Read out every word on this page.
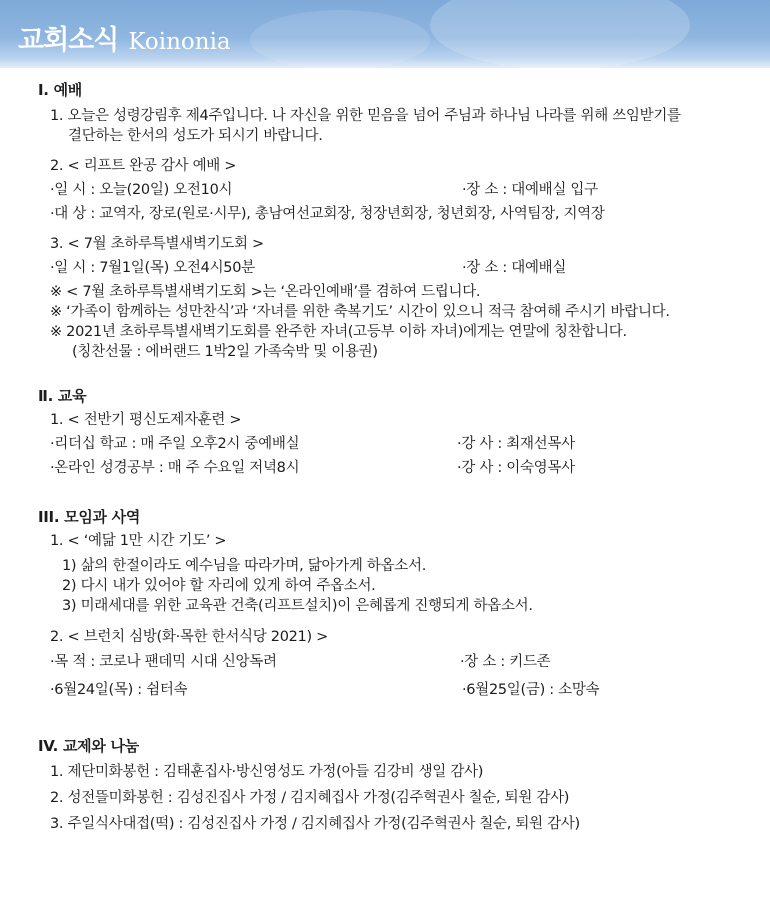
교회소식 Koinonia
Ⅰ. 예배
1. 오늘은 성령강림후 제4주입니다. 나 자신을 위한 믿음을 넘어 주님과 하나님 나라를 위해 쓰임받기를
결단하는 한서의 성도가 되시기 바랍니다.
2. < 리프트 완공 감사 예배 >
·일 시 : 오늘(20일) 오전10시	·장 소 : 대예배실 입구
·대 상 : 교역자, 장로(원로·시무), 총남여선교회장, 청장년회장, 청년회장, 사역팀장, 지역장
3. < 7월 초하루특별새벽기도회 >
·일 시 : 7월1일(목) 오전4시50분	·장 소 : 대예배실
※ < 7월 초하루특별새벽기도회 >는 ‘온라인예배’를 겸하여 드립니다.
※ ‘가족이 함께하는 성만찬식’과 ‘자녀를 위한 축복기도’ 시간이 있으니 적극 참여해 주시기 바랍니다.
※ 2021년 초하루특별새벽기도회를 완주한 자녀(고등부 이하 자녀)에게는 연말에 칭찬합니다.
(칭찬선물 : 에버랜드 1박2일 가족숙박 및 이용권)
Ⅱ. 교육
1. < 전반기 평신도제자훈련 >
·리더십 학교 : 매 주일 오후2시 중예배실	·강 사 : 최재선목사
·온라인 성경공부 : 매 주 수요일 저녁8시	·강 사 : 이숙영목사
III. 모임과 사역
1. < ‘예닮 1만 시간 기도’ >
1) 삶의 한절이라도 예수님을 따라가며, 닮아가게 하옵소서.
2) 다시 내가 있어야 할 자리에 있게 하여 주옵소서.
3) 미래세대를 위한 교육관 건축(리프트설치)이 은혜롭게 진행되게 하옵소서.
2. < 브런치 심방(화·목한 한서식당 2021) >
·목 적 : 코로나 팬데믹 시대 신앙독려	·장 소 : 키드존
·6월24일(목) : 쉼터속	·6월25일(금) : 소망속
IV. 교제와 나눔
1. 제단미화봉헌 : 김태훈집사·방신영성도 가정(아들 김강비 생일 감사)
2. 성전뜰미화봉헌 : 김성진집사 가정 / 김지혜집사 가정(김주혁권사 칠순, 퇴원 감사)
3. 주일식사대접(떡) : 김성진집사 가정 / 김지혜집사 가정(김주혁권사 칠순, 퇴원 감사)
